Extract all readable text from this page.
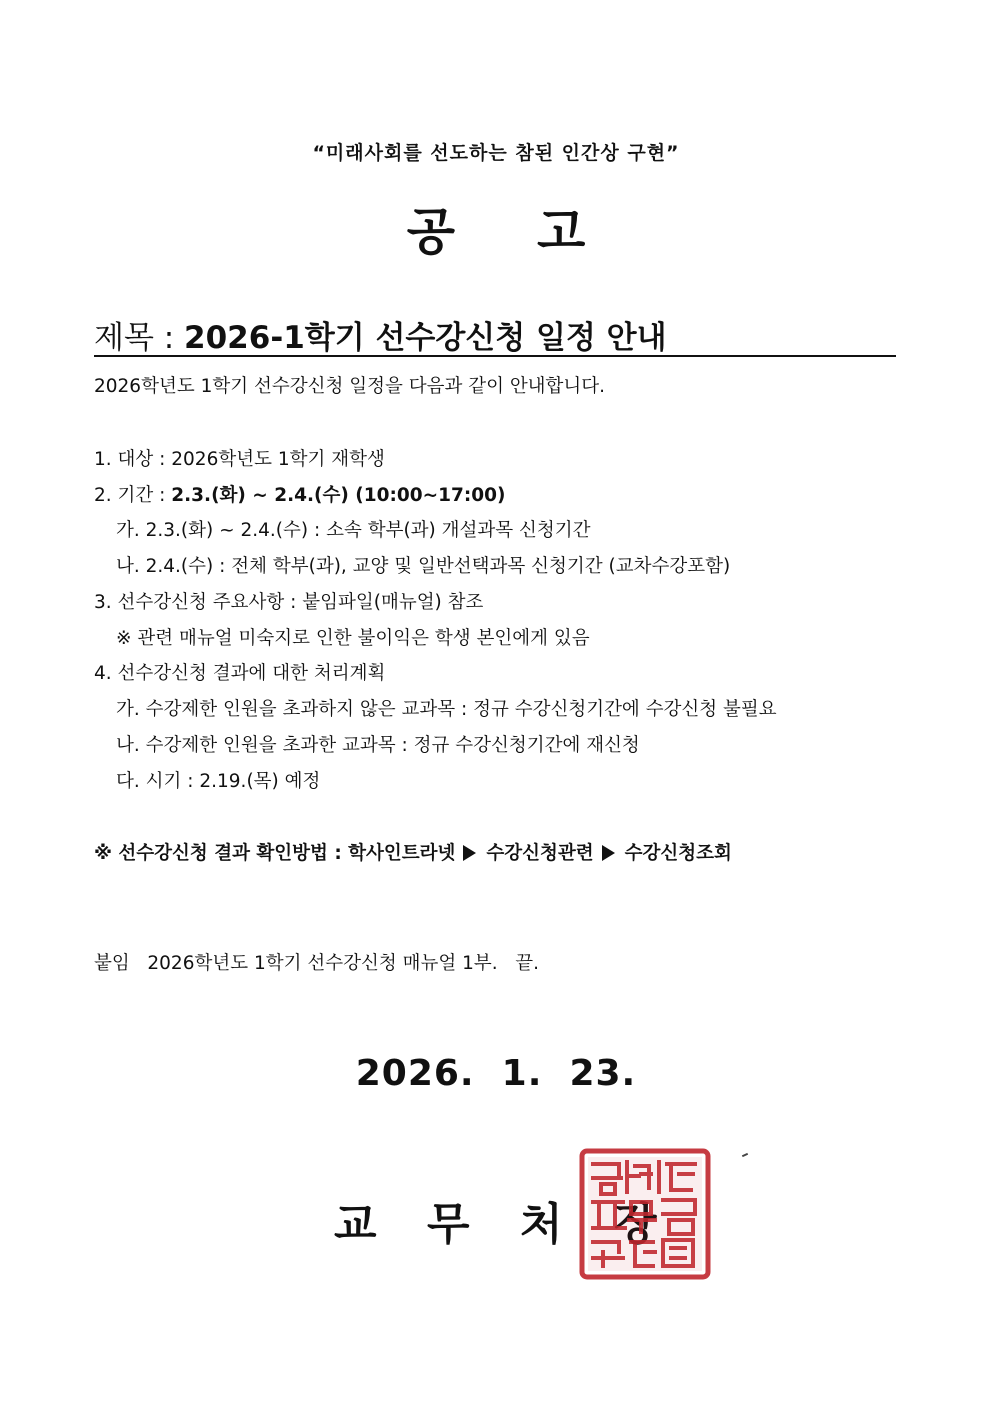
“미래사회를 선도하는 참된 인간상 구현”
공 고
제목 : 2026-1학기 선수강신청 일정 안내
2026학년도 1학기 선수강신청 일정을 다음과 같이 안내합니다.
1. 대상 : 2026학년도 1학기 재학생
2. 기간 : 2.3.(화) ~ 2.4.(수) (10:00~17:00)
가. 2.3.(화) ~ 2.4.(수) : 소속 학부(과) 개설과목 신청기간
나. 2.4.(수) : 전체 학부(과), 교양 및 일반선택과목 신청기간 (교차수강포함)
3. 선수강신청 주요사항 : 붙임파일(매뉴얼) 참조
※ 관련 매뉴얼 미숙지로 인한 불이익은 학생 본인에게 있음
4. 선수강신청 결과에 대한 처리계획
가. 수강제한 인원을 초과하지 않은 교과목 : 정규 수강신청기간에 수강신청 불필요
나. 수강제한 인원을 초과한 교과목 : 정규 수강신청기간에 재신청
다. 시기 : 2.19.(목) 예정
※ 선수강신청 결과 확인방법 : 학사인트라넷 수강신청관련 수강신청조회
붙임   2026학년도 1학기 선수강신청 매뉴얼 1부.   끝.
2026.  1.  23.
교 무 처 장
